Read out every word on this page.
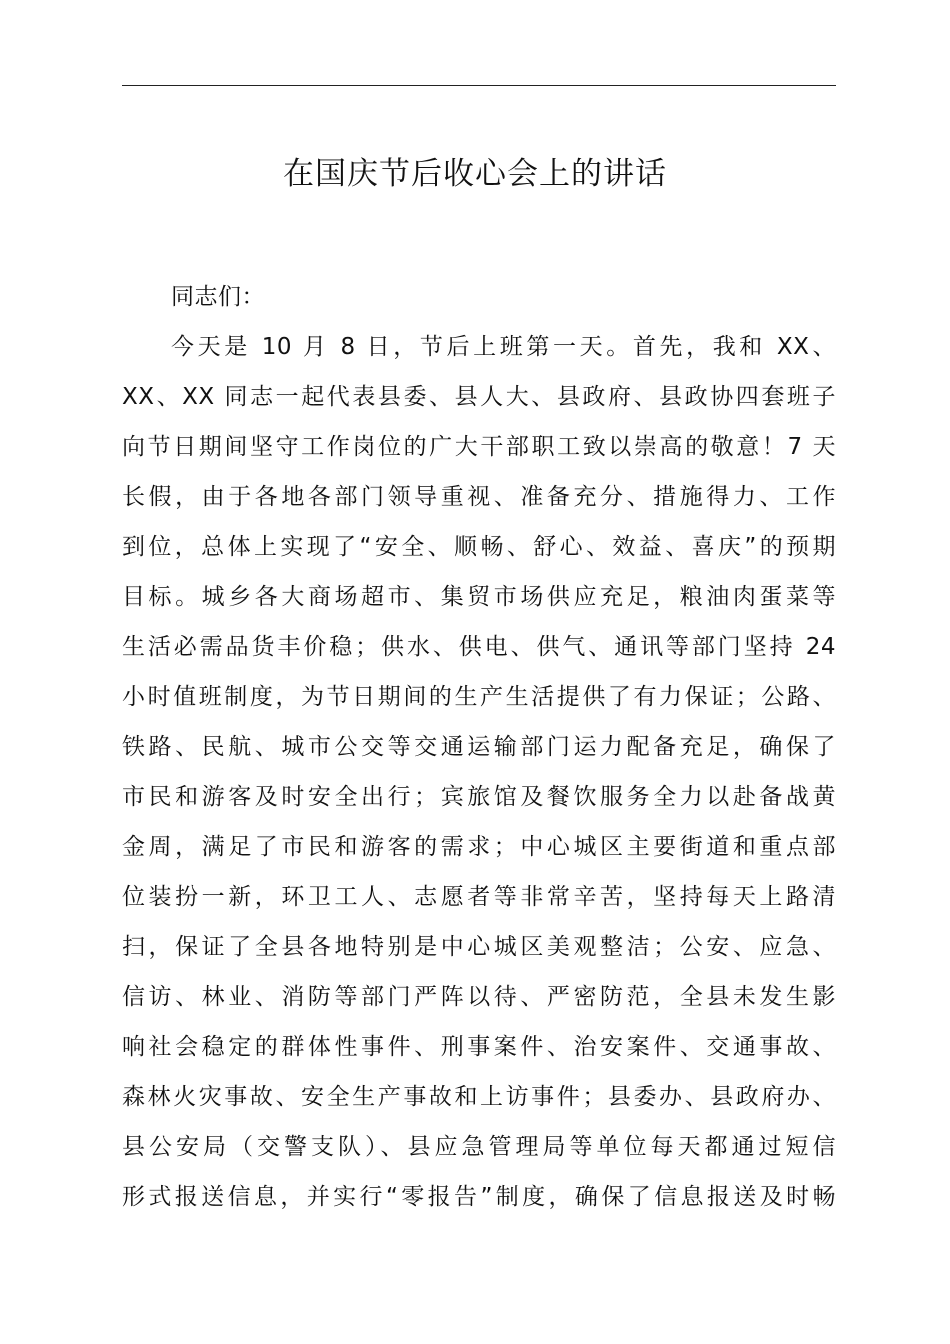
在国庆节后收心会上的讲话
同志们：
今天是 10 月 8 日，节后上班第一天。首先，我和 XX、
XX、XX 同志一起代表县委、县人大、县政府、县政协四套班子
向节日期间坚守工作岗位的广大干部职工致以崇高的敬意！7 天
长假，由于各地各部门领导重视、准备充分、措施得力、工作
到位，总体上实现了“安全、顺畅、舒心、效益、喜庆”的预期
目标。城乡各大商场超市、集贸市场供应充足，粮油肉蛋菜等
生活必需品货丰价稳；供水、供电、供气、通讯等部门坚持 24
小时值班制度，为节日期间的生产生活提供了有力保证；公路、
铁路、民航、城市公交等交通运输部门运力配备充足，确保了
市民和游客及时安全出行；宾旅馆及餐饮服务全力以赴备战黄
金周，满足了市民和游客的需求；中心城区主要街道和重点部
位装扮一新，环卫工人、志愿者等非常辛苦，坚持每天上路清
扫，保证了全县各地特别是中心城区美观整洁；公安、应急、
信访、林业、消防等部门严阵以待、严密防范，全县未发生影
响社会稳定的群体性事件、刑事案件、治安案件、交通事故、
森林火灾事故、安全生产事故和上访事件；县委办、县政府办、
县公安局（交警支队）、县应急管理局等单位每天都通过短信
形式报送信息，并实行“零报告”制度，确保了信息报送及时畅
